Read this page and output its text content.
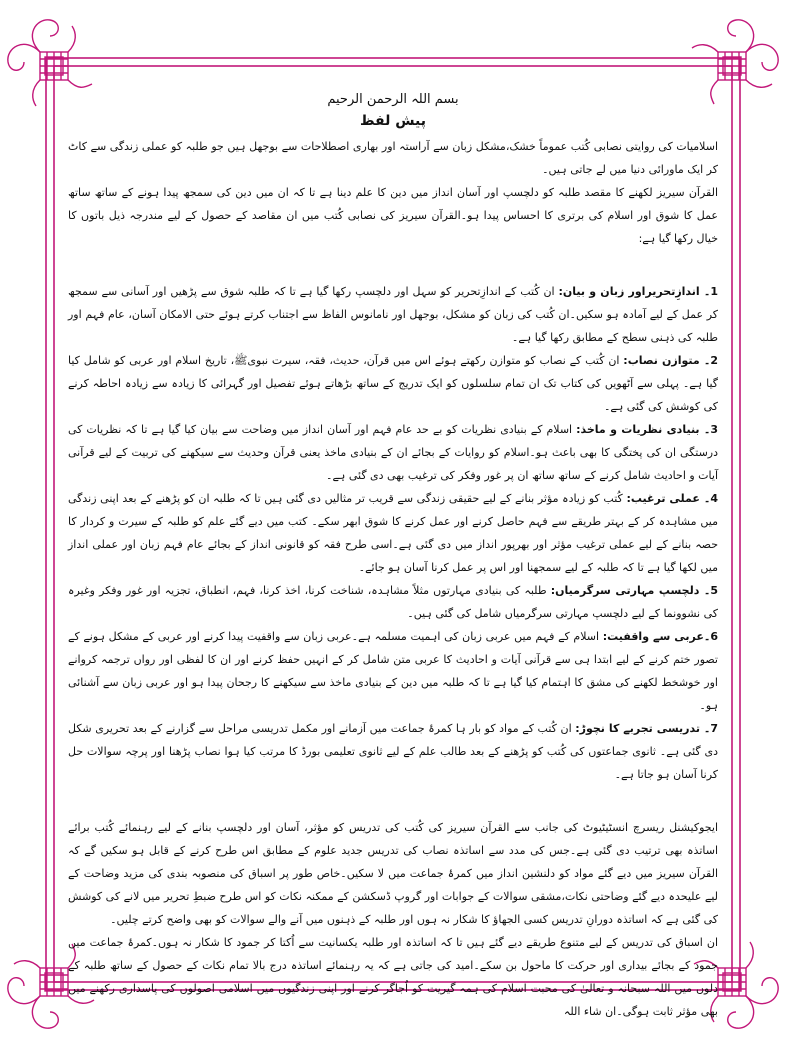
بسم اللہ الرحمن الرحیم
پیش لفظ

اسلامیات کی روایتی نصابی کُتب عموماً خشک،مشکل زبان سے آراستہ اور بھاری اصطلاحات سے بوجھل ہیں جو طلبہ کو عملی زندگی سے کاٹ کر ایک ماورائی دنیا میں لے جاتی ہیں۔

القرآن سیریز لکھنے کا مقصد طلبہ کو دلچسپ اور آسان انداز میں دین کا علم دینا ہے تا کہ ان میں دین کی سمجھ پیدا ہونے کے ساتھ ساتھ عمل کا شوق اور اسلام کی برتری کا احساس پیدا ہو۔القرآن سیریز کی نصابی کُتب میں ان مقاصد کے حصول کے لیے مندرجہ ذیل باتوں کا خیال رکھا گیا ہے:

1۔ اندازِتحریراور زبان و بیان: ان کُتب کے اندازِتحریر کو سہل اور دلچسپ رکھا گیا ہے تا کہ طلبہ شوق سے پڑھیں اور آسانی سے سمجھ کر عمل کے لیے آمادہ ہو سکیں۔ان کُتب کی زبان کو مشکل، بوجھل اور نامانوس الفاظ سے اجتناب کرتے ہوئے حتی الامکان آسان، عام فہم اور طلبہ کی ذہنی سطح کے مطابق رکھا گیا ہے۔
2۔ متوازن نصاب: ان کُتب کے نصاب کو متوازن رکھتے ہوئے اس میں قرآن، حدیث، فقہ، سیرت نبویﷺ، تاریخ اسلام اور عربی کو شامل کیا گیا ہے۔ پہلی سے آٹھویں کی کتاب تک ان تمام سلسلوں کو ایک تدریج کے ساتھ بڑھاتے ہوئے تفصیل اور گہرائی کا زیادہ سے زیادہ احاطہ کرنے کی کوشش کی گئی ہے۔
3۔ بنیادی نظریات و ماخذ: اسلام کے بنیادی نظریات کو بے حد عام فہم اور آسان انداز میں وضاحت سے بیان کیا گیا ہے تا کہ نظریات کی درستگی ان کی پختگی کا بھی باعث ہو۔اسلام کو روایات کے بجائے ان کے بنیادی ماخذ یعنی قرآن وحدیث سے سیکھنے کی تربیت کے لیے قرآنی آیات و احادیث شامل کرنے کے ساتھ ساتھ ان پر غور وفکر کی ترغیب بھی دی گئی ہے۔
4۔ عملی ترغیب: کُتب کو زیادہ مؤثر بنانے کے لیے حقیقی زندگی سے قریب تر مثالیں دی گئی ہیں تا کہ طلبہ ان کو پڑھنے کے بعد اپنی زندگی میں مشاہدہ کر کے بہتر طریقے سے فہم حاصل کرنے اور عمل کرنے کا شوق ابھر سکے۔ کتب میں دیے گئے علم کو طلبہ کے سیرت و کردار کا حصہ بنانے کے لیے عملی ترغیب مؤثر اور بھرپور انداز میں دی گئی ہے۔اسی طرح فقہ کو قانونی انداز کے بجائے عام فہم زبان اور عملی انداز میں لکھا گیا ہے تا کہ طلبہ کے لیے سمجھنا اور اس پر عمل کرنا آسان ہو جائے۔
5۔ دلچسپ مہارتی سرگرمیاں: طلبہ کی بنیادی مہارتوں مثلاً مشاہدہ، شناخت کرنا، اخذ کرنا، فہم، انطباق، تجزیہ اور غور وفکر وغیرہ کی نشوونما کے لیے دلچسپ مہارتی سرگرمیاں شامل کی گئی ہیں۔
6۔عربی سے واقفیت: اسلام کے فہم میں عربی زبان کی اہمیت مسلمہ ہے۔عربی زبان سے واقفیت پیدا کرنے اور عربی کے مشکل ہونے کے تصور ختم کرنے کے لیے ابتدا ہی سے قرآنی آیات و احادیث کا عربی متن شامل کر کے انہیں حفظ کرنے اور ان کا لفظی اور رواں ترجمہ کروانے اور خوشخط لکھنے کی مشق کا اہتمام کیا گیا ہے تا کہ طلبہ میں دین کے بنیادی ماخذ سے سیکھنے کا رجحان پیدا ہو اور عربی زبان سے آشنائی ہو۔
7۔ تدریسی تجربے کا نچوڑ: ان کُتب کے مواد کو بار ہا کمرۂ جماعت میں آزمانے اور مکمل تدریسی مراحل سے گزارنے کے بعد تحریری شکل دی گئی ہے۔ ثانوی جماعتوں کی کُتب کو پڑھنے کے بعد طالب علم کے لیے ثانوی تعلیمی بورڈ کا مرتب کیا ہوا نصاب پڑھنا اور پرچہ سوالات حل کرنا آسان ہو جاتا ہے۔

ایجوکیشنل ریسرچ انسٹیٹیوٹ کی جانب سے القرآن سیریز کی کُتب کی تدریس کو مؤثر، آسان اور دلچسپ بنانے کے لیے رہنمائے کُتب برائے اساتذہ بھی ترتیب دی گئی ہے۔جس کی مدد سے اساتذہ نصاب کی تدریس جدید علوم کے مطابق اس طرح کرنے کے قابل ہو سکیں گے کہ القرآن سیریز میں دیے گئے مواد کو دلنشین انداز میں کمرۂ جماعت میں لا سکیں۔خاص طور پر اسباق کی منصوبہ بندی کی مزید وضاحت کے لیے علیحدہ دیے گئے وضاحتی نکات،مشقی سوالات کے جوابات اور گروپ ڈسکشن کے ممکنہ نکات کو اس طرح ضبطِ تحریر میں لانے کی کوشش کی گئی ہے کہ اساتذہ دورانِ تدریس کسی الجھاؤ کا شکار نہ ہوں اور طلبہ کے ذہنوں میں آنے والے سوالات کو بھی واضح کرتے چلیں۔

ان اسباق کی تدریس کے لیے متنوع طریقے دیے گئے ہیں تا کہ اساتذہ اور طلبہ یکسانیت سے اُکتا کر جمود کا شکار نہ ہوں۔کمرۂ جماعت میں جمود کے بجائے بیداری اور حرکت کا ماحول بن سکے۔امید کی جاتی ہے کہ یہ رہنمائے اساتذہ درج بالا تمام نکات کے حصول کے ساتھ طلبہ کے دلوں میں اللہ سبحانہ و تعالیٰ کی محبت اسلام کی ہمہ گیریت کو اُجاگر کرنے اور اپنی زندگیوں میں اسلامی اصولوں کی پاسداری رکھنے میں بھی مؤثر ثابت ہوگی۔ان شاء اللہ
